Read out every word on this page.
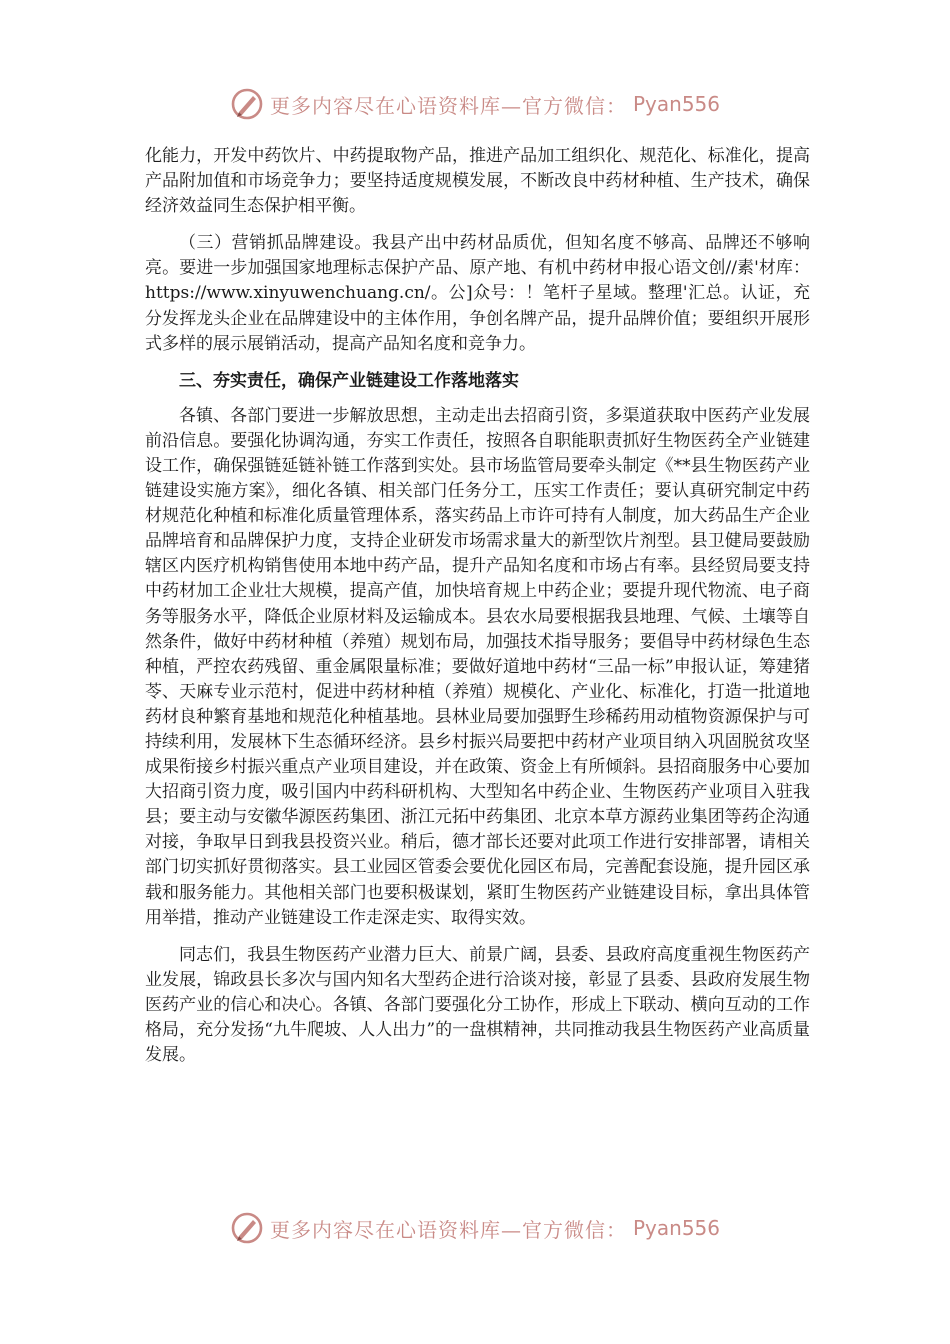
更多内容尽在心语资料库—官方微信： Pyan556

化能力，开发中药饮片、中药提取物产品，推进产品加工组织化、规范化、标准化，提高产品附加值和市场竞争力；要坚持适度规模发展，不断改良中药材种植、生产技术，确保经济效益同生态保护相平衡。

（三）营销抓品牌建设。我县产出中药材品质优，但知名度不够高、品牌还不够响亮。要进一步加强国家地理标志保护产品、原产地、有机中药材申报心语文创//素'材库：https://www.xinyuwenchuang.cn/。公]众号：！笔杆子星域。整理'汇总。认证，充分发挥龙头企业在品牌建设中的主体作用，争创名牌产品，提升品牌价值；要组织开展形式多样的展示展销活动，提高产品知名度和竞争力。

三、夯实责任，确保产业链建设工作落地落实

各镇、各部门要进一步解放思想，主动走出去招商引资，多渠道获取中医药产业发展前沿信息。要强化协调沟通，夯实工作责任，按照各自职能职责抓好生物医药全产业链建设工作，确保强链延链补链工作落到实处。县市场监管局要牵头制定《**县生物医药产业链建设实施方案》，细化各镇、相关部门任务分工，压实工作责任；要认真研究制定中药材规范化种植和标准化质量管理体系，落实药品上市许可持有人制度，加大药品生产企业品牌培育和品牌保护力度，支持企业研发市场需求量大的新型饮片剂型。县卫健局要鼓励辖区内医疗机构销售使用本地中药产品，提升产品知名度和市场占有率。县经贸局要支持中药材加工企业壮大规模，提高产值，加快培育规上中药企业；要提升现代物流、电子商务等服务水平，降低企业原材料及运输成本。县农水局要根据我县地理、气候、土壤等自然条件，做好中药材种植（养殖）规划布局，加强技术指导服务；要倡导中药材绿色生态种植，严控农药残留、重金属限量标准；要做好道地中药材“三品一标”申报认证，筹建猪苓、天麻专业示范村，促进中药材种植（养殖）规模化、产业化、标准化，打造一批道地药材良种繁育基地和规范化种植基地。县林业局要加强野生珍稀药用动植物资源保护与可持续利用，发展林下生态循环经济。县乡村振兴局要把中药材产业项目纳入巩固脱贫攻坚成果衔接乡村振兴重点产业项目建设，并在政策、资金上有所倾斜。县招商服务中心要加大招商引资力度，吸引国内中药科研机构、大型知名中药企业、生物医药产业项目入驻我县；要主动与安徽华源医药集团、浙江元拓中药集团、北京本草方源药业集团等药企沟通对接，争取早日到我县投资兴业。稍后，德才部长还要对此项工作进行安排部署，请相关部门切实抓好贯彻落实。县工业园区管委会要优化园区布局，完善配套设施，提升园区承载和服务能力。其他相关部门也要积极谋划，紧盯生物医药产业链建设目标，拿出具体管用举措，推动产业链建设工作走深走实、取得实效。

同志们，我县生物医药产业潜力巨大、前景广阔，县委、县政府高度重视生物医药产业发展，锦政县长多次与国内知名大型药企进行洽谈对接，彰显了县委、县政府发展生物医药产业的信心和决心。各镇、各部门要强化分工协作，形成上下联动、横向互动的工作格局，充分发扬“九牛爬坡、人人出力”的一盘棋精神，共同推动我县生物医药产业高质量发展。

更多内容尽在心语资料库—官方微信： Pyan556
